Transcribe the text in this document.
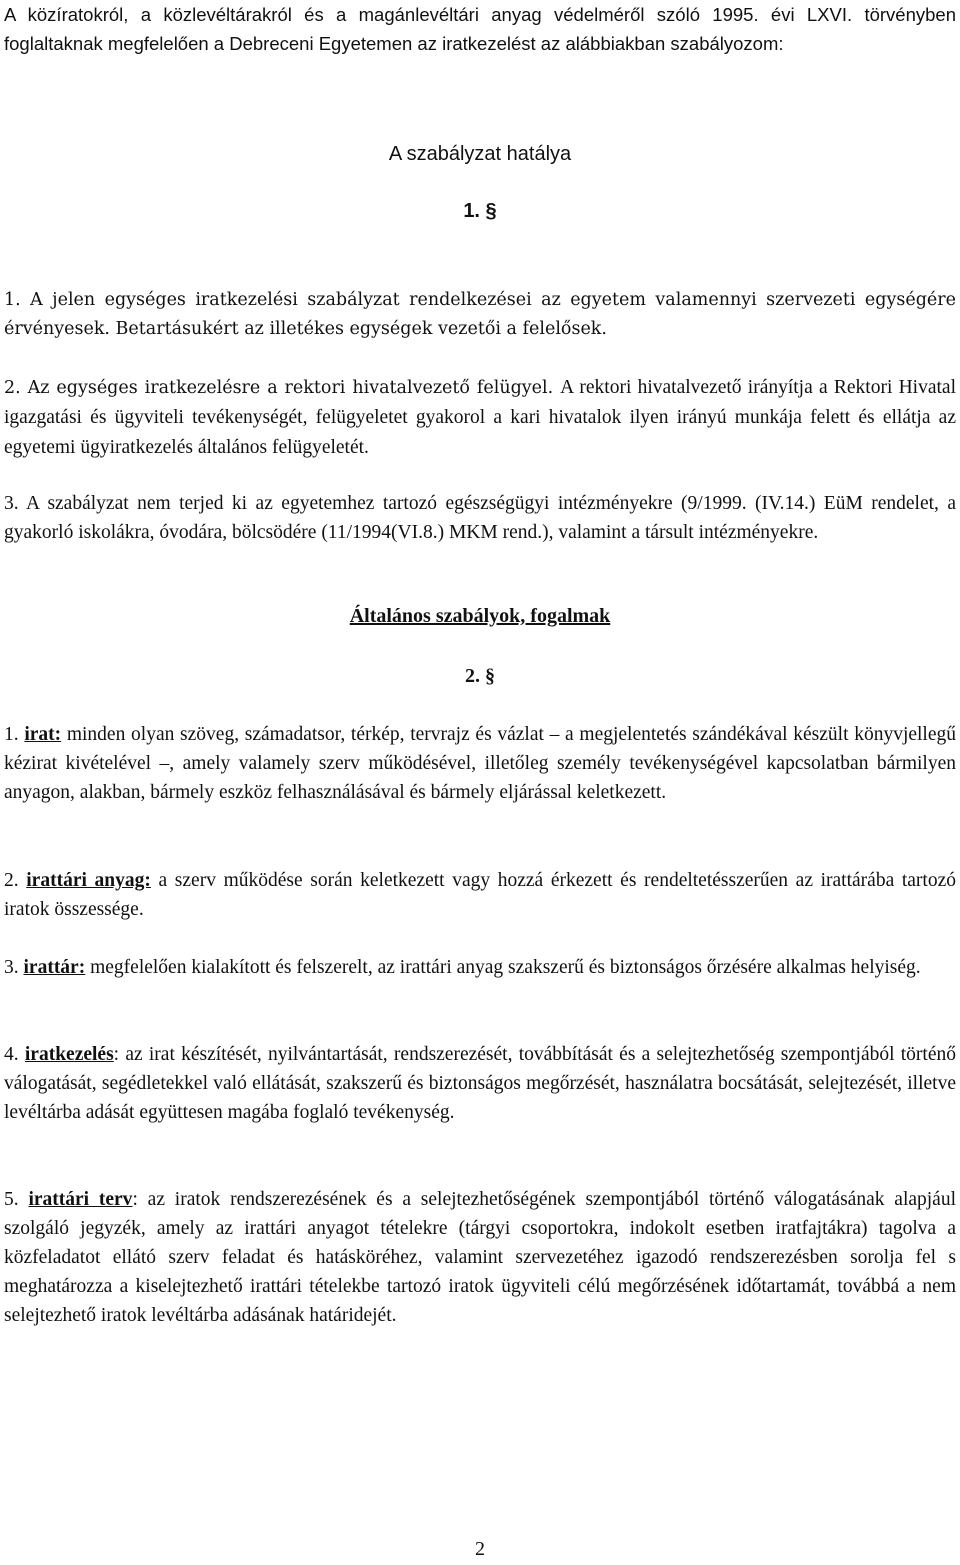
A közíratokról, a közlevéltárakról és a magánlevéltári anyag védelméről szóló 1995. évi LXVI. törvényben foglaltaknak megfelelően a Debreceni Egyetemen az iratkezelést az alábbiakban szabályozom:
A szabályzat hatálya
1. §
1. A jelen egységes iratkezelési szabályzat rendelkezései az egyetem valamennyi szervezeti egységére érvényesek. Betartásukért az illetékes egységek vezetői a felelősek.
2. Az egységes iratkezelésre a rektori hivatalvezető felügyel. A rektori hivatalvezető irányítja a Rektori Hivatal igazgatási és ügyviteli tevékenységét, felügyeletet gyakorol a kari hivatalok ilyen irányú munkája felett és ellátja az egyetemi ügyiratkezelés általános felügyeletét.
3. A szabályzat nem terjed ki az egyetemhez tartozó egészségügyi intézményekre (9/1999. (IV.14.) EüM rendelet, a gyakorló iskolákra, óvodára, bölcsödére (11/1994(VI.8.) MKM rend.), valamint a társult intézményekre.
Általános szabályok, fogalmak
2. §
1. irat: minden olyan szöveg, számadatsor, térkép, tervrajz és vázlat – a megjelentetés szándékával készült könyvjellegű kézirat kivételével –, amely valamely szerv működésével, illetőleg személy tevékenységével kapcsolatban bármilyen anyagon, alakban, bármely eszköz felhasználásával és bármely eljárással keletkezett.
2. irattári anyag: a szerv működése során keletkezett vagy hozzá érkezett és rendeltetésszerűen az irattárába tartozó iratok összessége.
3. irattár: megfelelően kialakított és felszerelt, az irattári anyag szakszerű és biztonságos őrzésére alkalmas helyiség.
4. iratkezelés: az irat készítését, nyilvántartását, rendszerezését, továbbítását és a selejtezhetőség szempontjából történő válogatását, segédletekkel való ellátását, szakszerű és biztonságos megőrzését, használatra bocsátását, selejtezését, illetve levéltárba adását együttesen magába foglaló tevékenység.
5. irattári terv: az iratok rendszerezésének és a selejtezhetőségének szempontjából történő válogatásának alapjául szolgáló jegyzék, amely az irattári anyagot tételekre (tárgyi csoportokra, indokolt esetben iratfajtákra) tagolva a közfeladatot ellátó szerv feladat és hatásköréhez, valamint szervezetéhez igazodó rendszerezésben sorolja fel s meghatározza a kiselejtezhető irattári tételekbe tartozó iratok ügyviteli célú megőrzésének időtartamát, továbbá a nem selejtezhető iratok levéltárba adásának határidejét.
2
